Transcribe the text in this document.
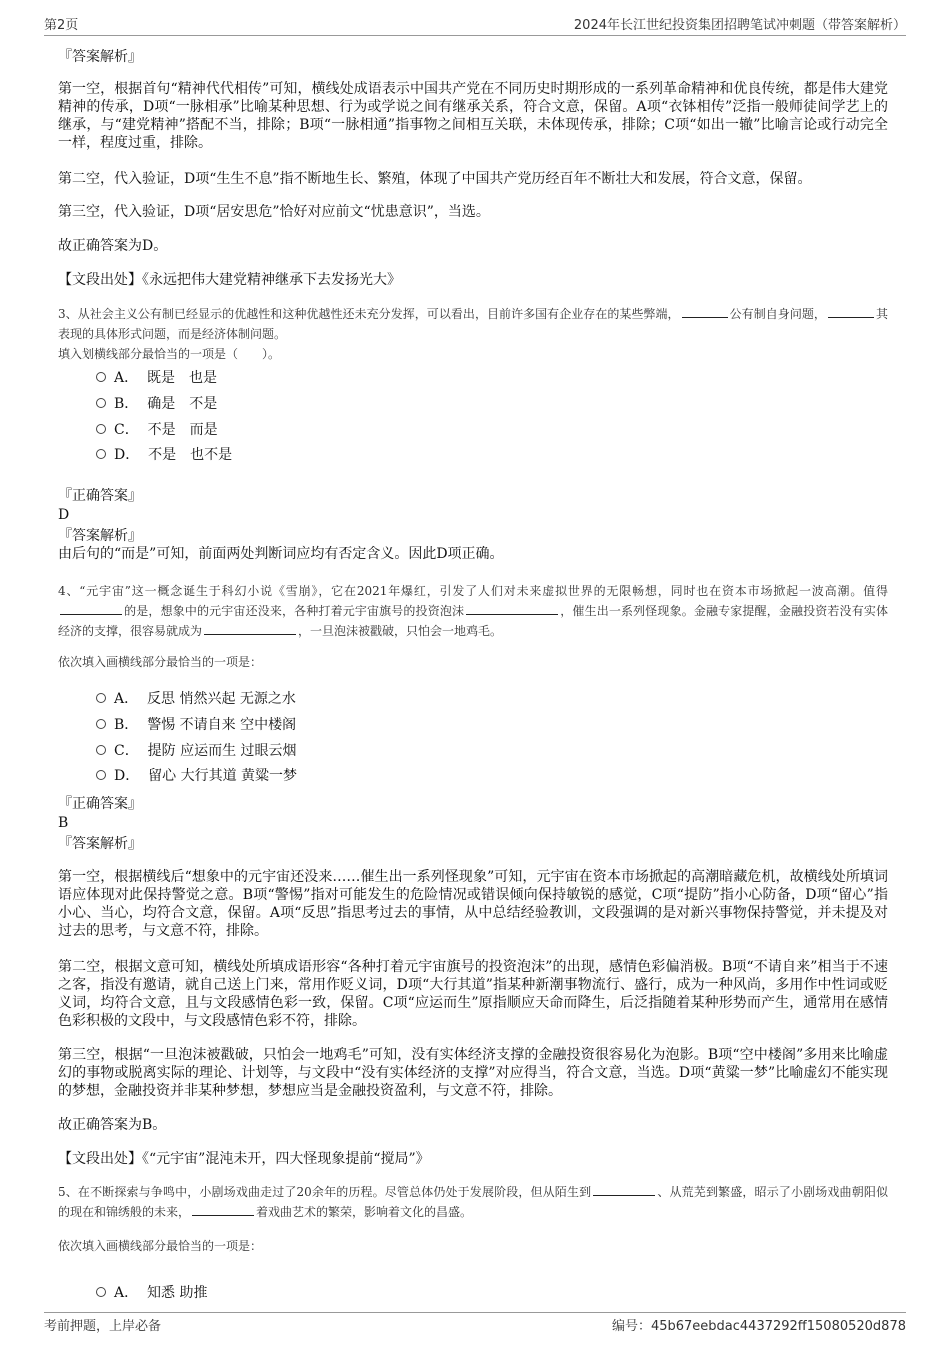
第2页	2024年长江世纪投资集团招聘笔试冲刺题（带答案解析）
『答案解析』
第一空，根据首句“精神代代相传”可知，横线处成语表示中国共产党在不同历史时期形成的一系列革命精神和优良传统，都是伟大建党精神的传承，D项“一脉相承”比喻某种思想、行为或学说之间有继承关系，符合文意，保留。A项“衣钵相传”泛指一般师徒间学艺上的继承，与“建党精神”搭配不当，排除；B项“一脉相通”指事物之间相互关联，未体现传承，排除；C项“如出一辙”比喻言论或行动完全一样，程度过重，排除。
第二空，代入验证，D项“生生不息”指不断地生长、繁殖，体现了中国共产党历经百年不断壮大和发展，符合文意，保留。
第三空，代入验证，D项“居安思危”恰好对应前文“忧患意识”，当选。
故正确答案为D。
【文段出处】《永远把伟大建党精神继承下去发扬光大》
3、从社会主义公有制已经显示的优越性和这种优越性还未充分发挥，可以看出，目前许多国有企业存在的某些弊端，	公有制自身问题，	其表现的具体形式问题，而是经济体制问题。
填入划横线部分最恰当的一项是（　　）。
A． 既是　也是
B． 确是　不是
C． 不是　而是
D． 不是　也不是
『正确答案』
D
『答案解析』
由后句的“而是”可知，前面两处判断词应均有否定含义。因此D项正确。
4、“元宇宙”这一概念诞生于科幻小说《雪崩》，它在2021年爆红，引发了人们对未来虚拟世界的无限畅想，同时也在资本市场掀起一波高潮。值得的是，想象中的元宇宙还没来，各种打着元宇宙旗号的投资泡沫	，催生出一系列怪现象。金融专家提醒，金融投资若没有实体经济的支撑，很容易就成为	，一旦泡沫被戳破，只怕会一地鸡毛。
依次填入画横线部分最恰当的一项是：
A． 反思 悄然兴起 无源之水
B． 警惕 不请自来 空中楼阁
C． 提防 应运而生 过眼云烟
D． 留心 大行其道 黄粱一梦
『正确答案』
B
『答案解析』
第一空，根据横线后“想象中的元宇宙还没来……催生出一系列怪现象”可知，元宇宙在资本市场掀起的高潮暗藏危机，故横线处所填词语应体现对此保持警觉之意。B项“警惕”指对可能发生的危险情况或错误倾向保持敏锐的感觉，C项“提防”指小心防备，D项“留心”指小心、当心，均符合文意，保留。A项“反思”指思考过去的事情，从中总结经验教训，文段强调的是对新兴事物保持警觉，并未提及对过去的思考，与文意不符，排除。
第二空，根据文意可知，横线处所填成语形容“各种打着元宇宙旗号的投资泡沫”的出现，感情色彩偏消极。B项“不请自来”相当于不速之客，指没有邀请，就自己送上门来，常用作贬义词，D项“大行其道”指某种新潮事物流行、盛行，成为一种风尚，多用作中性词或贬义词，均符合文意，且与文段感情色彩一致，保留。C项“应运而生”原指顺应天命而降生，后泛指随着某种形势而产生，通常用在感情色彩积极的文段中，与文段感情色彩不符，排除。
第三空，根据“一旦泡沫被戳破，只怕会一地鸡毛”可知，没有实体经济支撑的金融投资很容易化为泡影。B项“空中楼阁”多用来比喻虚幻的事物或脱离实际的理论、计划等，与文段中“没有实体经济的支撑”对应得当，符合文意，当选。D项“黄粱一梦”比喻虚幻不能实现的梦想，金融投资并非某种梦想，梦想应当是金融投资盈利，与文意不符，排除。
故正确答案为B。
【文段出处】《“元宇宙”混沌未开，四大怪现象提前“搅局”》
5、在不断探索与争鸣中，小剧场戏曲走过了20余年的历程。尽管总体仍处于发展阶段，但从陌生到	、从荒芜到繁盛，昭示了小剧场戏曲朝阳似的现在和锦绣般的未来，	着戏曲艺术的繁荣，影响着文化的昌盛。
依次填入画横线部分最恰当的一项是：
A． 知悉 助推
考前押题，上岸必备	编号：45b67eebdac4437292ff15080520d878
